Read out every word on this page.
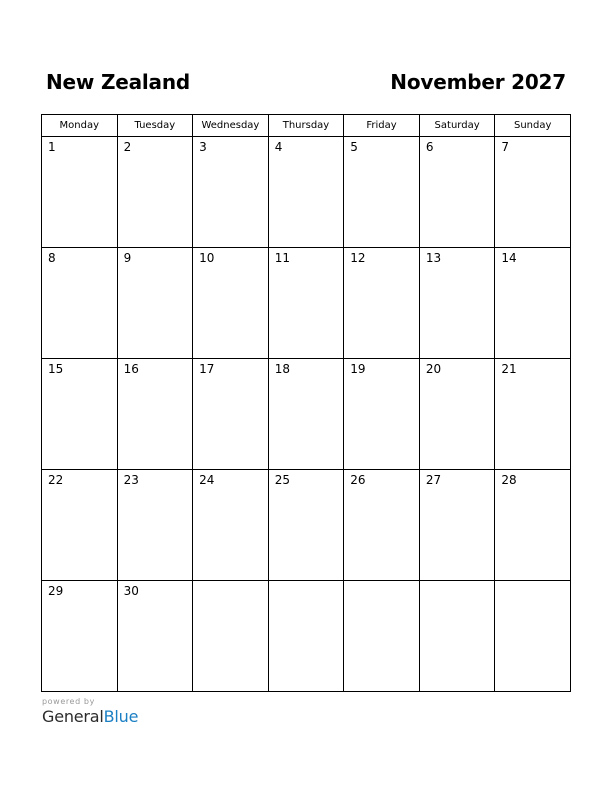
New Zealand	November 2027
Monday	Tuesday	Wednesday	Thursday	Friday	Saturday	Sunday

1	2	3	4	5	6	7

8	9	10	11	12	13	14

15	16	17	18	19	20	21

22	23	24	25	26	27	28

29	30					

powered by
GeneralBlue
